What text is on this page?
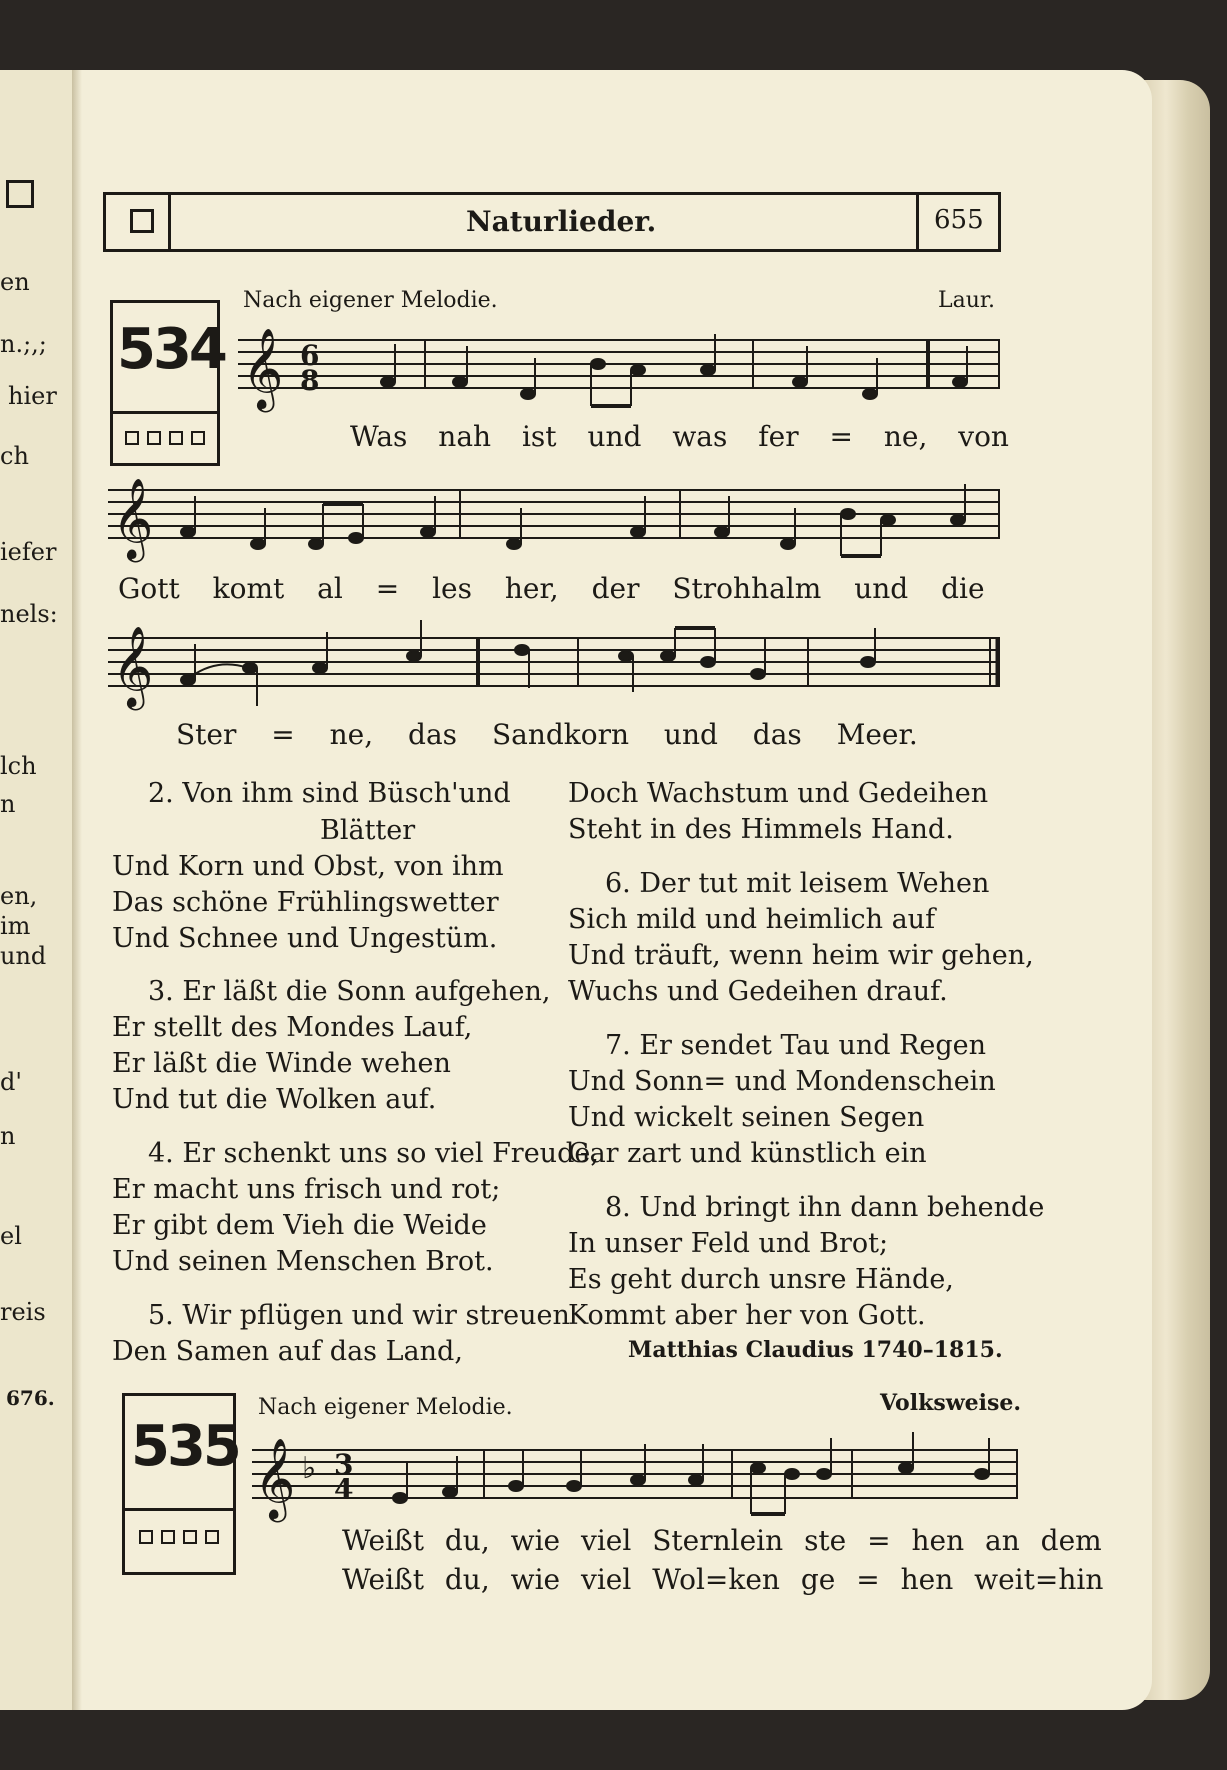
en
n.;,;
hier
ch
iefer
nels:
lch
n
en,
im
und
d'
n
el
reis
676.
Naturlieder.	655
Nach eigener Melodie.	Laur.
534 𝄞 6
8
Was nah ist und was fer = ne, von
𝄞
Gott komt al = les her, der Strohhalm und die
𝄞
Ster = ne, das Sandkorn und das Meer.
2. Von ihm sind Büsch'und
Blätter
Und Korn und Obst, von ihm
Das schöne Frühlingswetter
Und Schnee und Ungestüm.
3. Er läßt die Sonn aufgehen,
Er stellt des Mondes Lauf,
Er läßt die Winde wehen
Und tut die Wolken auf.
4. Er schenkt uns so viel Freude,
Er macht uns frisch und rot;
Er gibt dem Vieh die Weide
Und seinen Menschen Brot.
5. Wir pflügen und wir streuen
Den Samen auf das Land,
Doch Wachstum und Gedeihen
Steht in des Himmels Hand.
6. Der tut mit leisem Wehen
Sich mild und heimlich auf
Und träuft, wenn heim wir gehen,
Wuchs und Gedeihen drauf.
7. Er sendet Tau und Regen
Und Sonn= und Mondenschein
Und wickelt seinen Segen
Gar zart und künstlich ein
8. Und bringt ihn dann behende
In unser Feld und Brot;
Es geht durch unsre Hände,
Kommt aber her von Gott.
Matthias Claudius 1740–1815.
Nach eigener Melodie.	Volksweise.
535 𝄞 ♭ 3
4
Weißt du, wie viel Sternlein ste = hen an dem
Weißt du, wie viel Wol=ken ge = hen weit=hin
